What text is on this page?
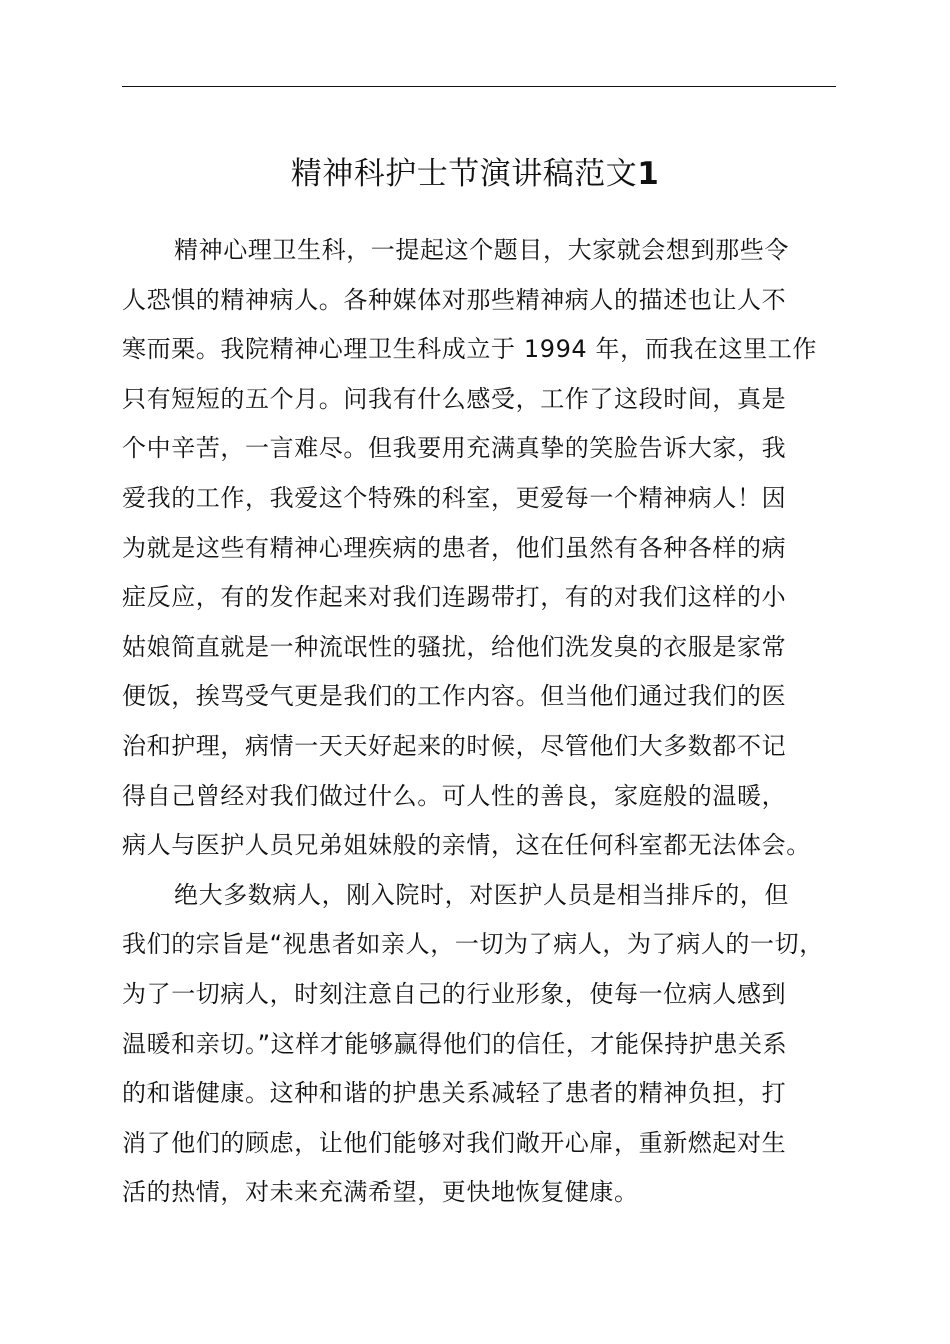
精神科护士节演讲稿范文1
精神心理卫生科，一提起这个题目，大家就会想到那些令
人恐惧的精神病人。各种媒体对那些精神病人的描述也让人不
寒而栗。我院精神心理卫生科成立于 1994 年，而我在这里工作
只有短短的五个月。问我有什么感受，工作了这段时间，真是
个中辛苦，一言难尽。但我要用充满真挚的笑脸告诉大家，我
爱我的工作，我爱这个特殊的科室，更爱每一个精神病人！因
为就是这些有精神心理疾病的患者，他们虽然有各种各样的病
症反应，有的发作起来对我们连踢带打，有的对我们这样的小
姑娘简直就是一种流氓性的骚扰，给他们洗发臭的衣服是家常
便饭，挨骂受气更是我们的工作内容。但当他们通过我们的医
治和护理，病情一天天好起来的时候，尽管他们大多数都不记
得自己曾经对我们做过什么。可人性的善良，家庭般的温暖，
病人与医护人员兄弟姐妹般的亲情，这在任何科室都无法体会。
绝大多数病人，刚入院时，对医护人员是相当排斥的，但
我们的宗旨是“视患者如亲人，一切为了病人，为了病人的一切，
为了一切病人，时刻注意自己的行业形象，使每一位病人感到
温暖和亲切。”这样才能够赢得他们的信任，才能保持护患关系
的和谐健康。这种和谐的护患关系减轻了患者的精神负担，打
消了他们的顾虑，让他们能够对我们敞开心扉，重新燃起对生
活的热情，对未来充满希望，更快地恢复健康。
